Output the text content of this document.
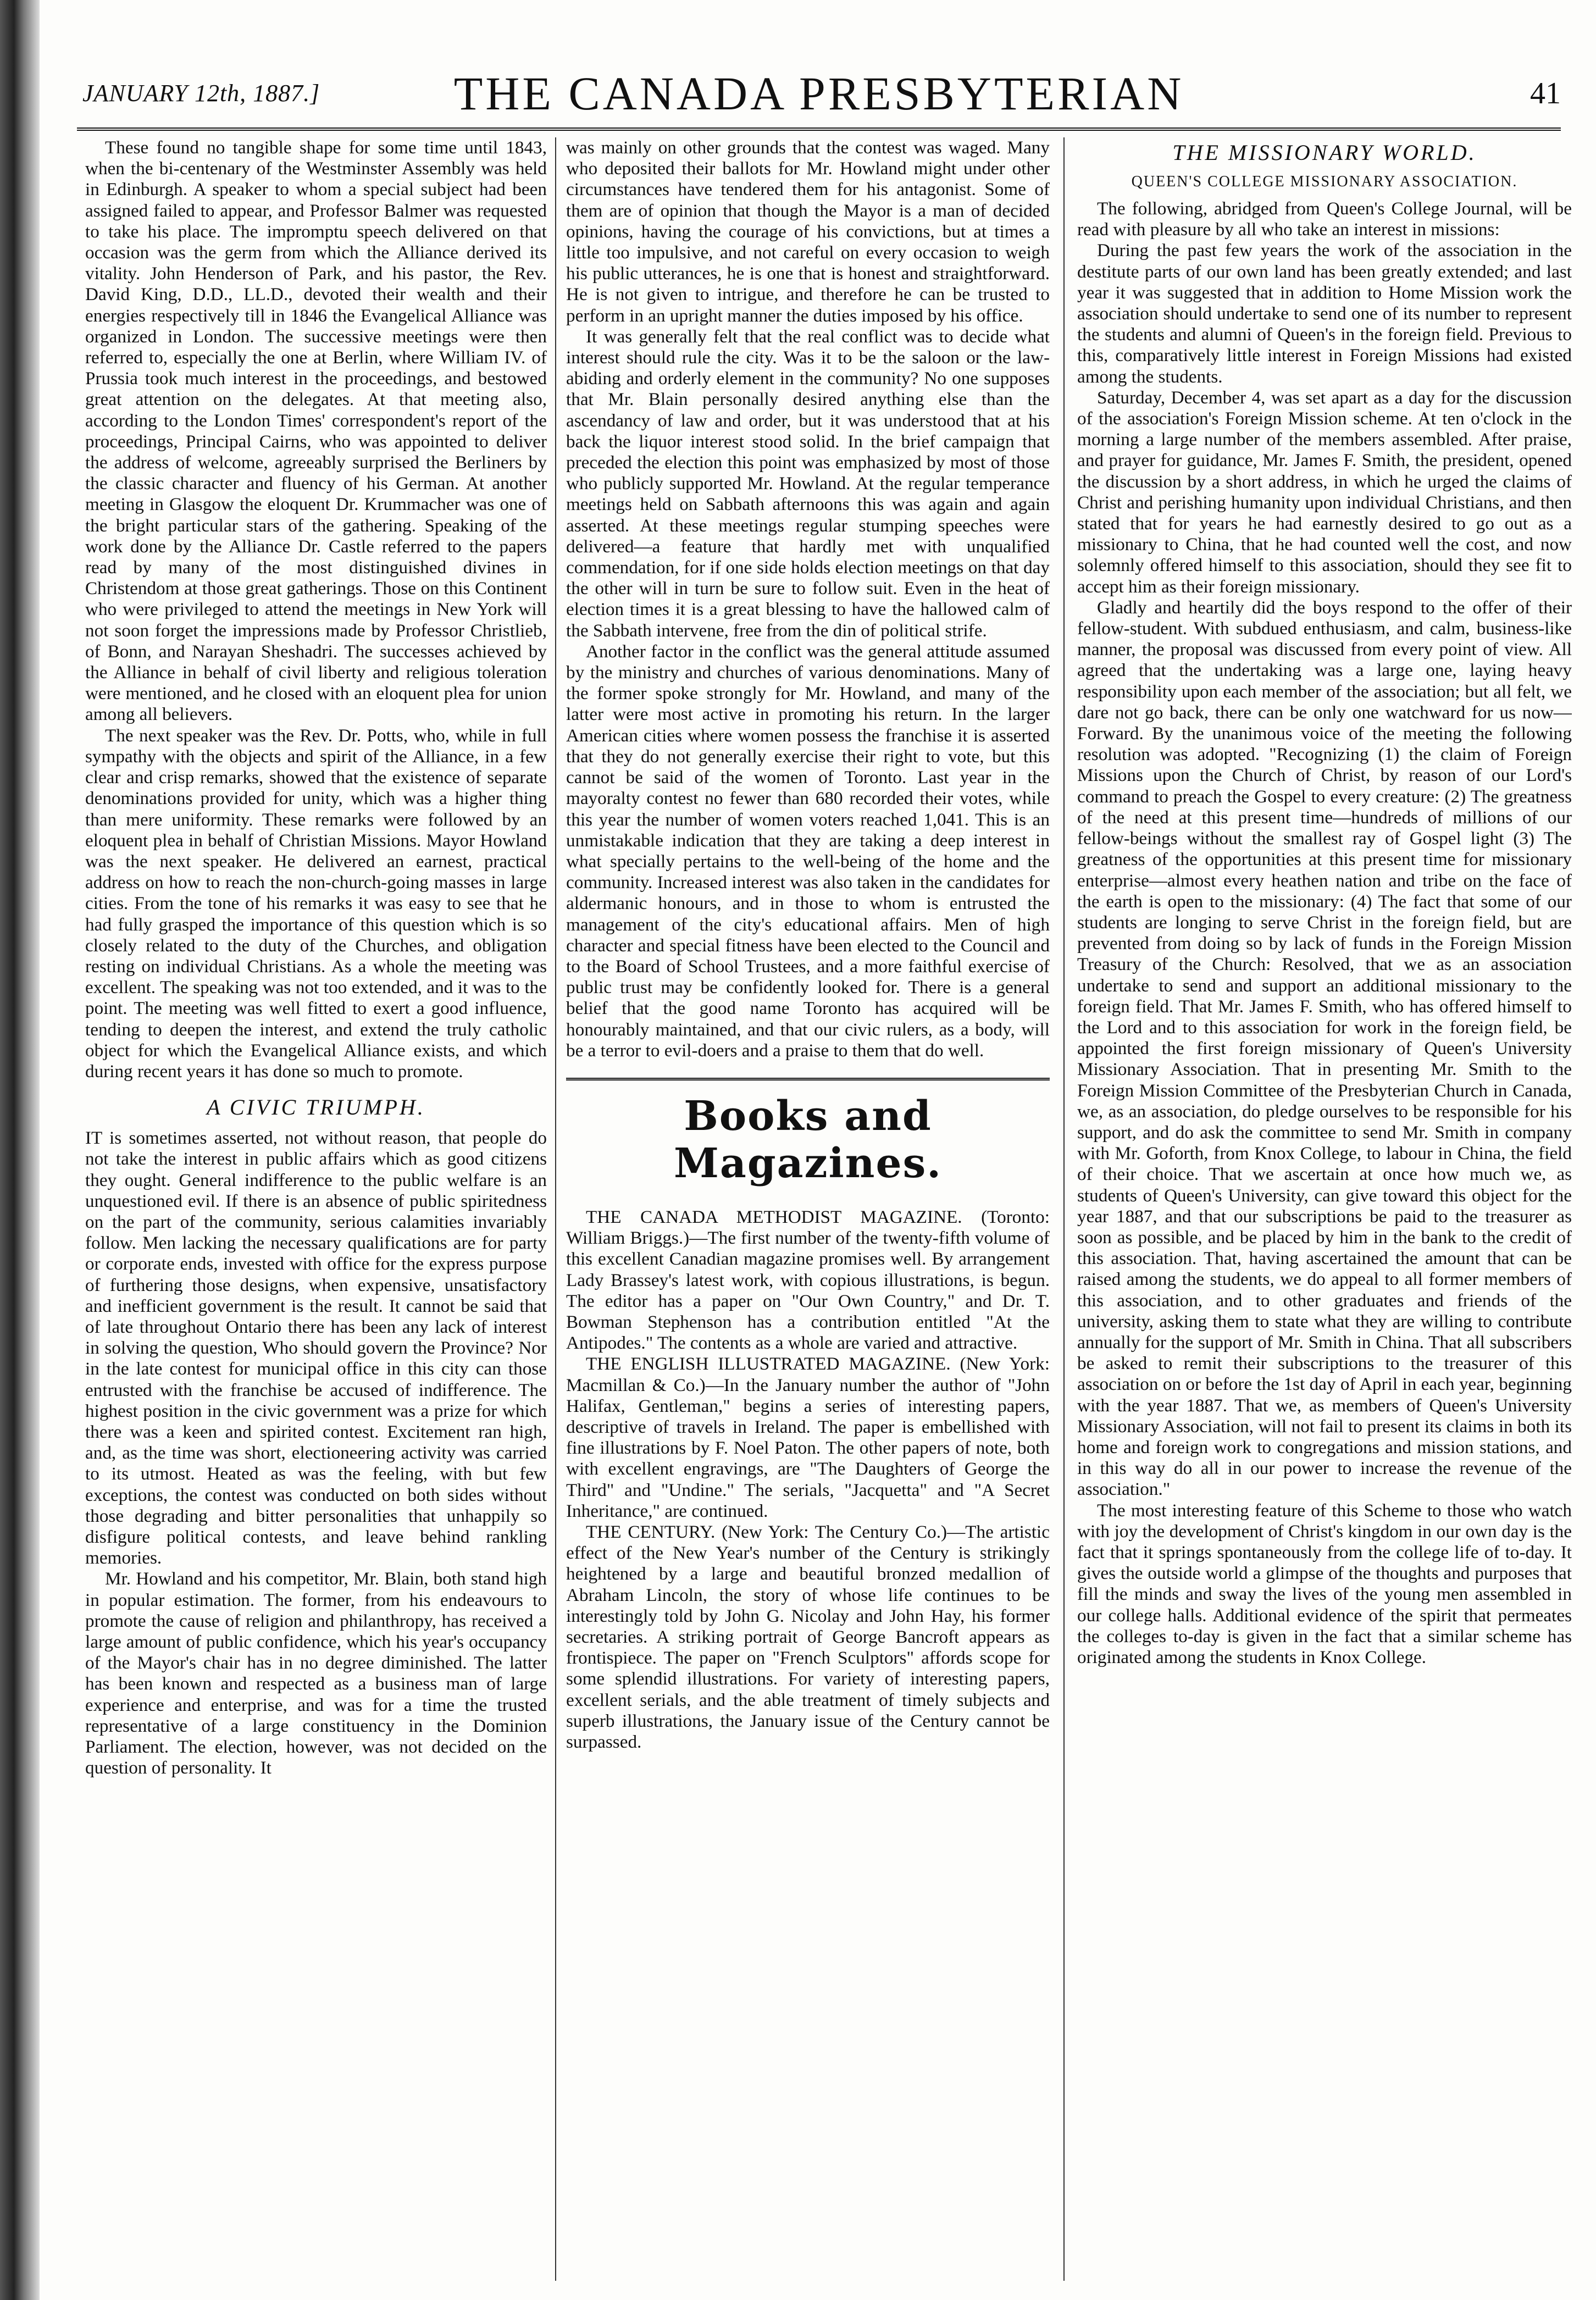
JANUARY 12th, 1887.]	THE CANADA PRESBYTERIAN	41

These found no tangible shape for some time until 1843, when the bi-centenary of the Westminster Assembly was held in Edinburgh. A speaker to whom a special subject had been assigned failed to appear, and Professor Balmer was requested to take his place. The impromptu speech delivered on that occasion was the germ from which the Alliance derived its vitality. John Henderson of Park, and his pastor, the Rev. David King, D.D., LL.D., devoted their wealth and their energies respectively till in 1846 the Evangelical Alliance was organized in London. The successive meetings were then referred to, especially the one at Berlin, where William IV. of Prussia took much interest in the proceedings, and bestowed great attention on the delegates. At that meeting also, according to the London Times' correspondent's report of the proceedings, Principal Cairns, who was appointed to deliver the address of welcome, agreeably surprised the Berliners by the classic character and fluency of his German. At another meeting in Glasgow the eloquent Dr. Krummacher was one of the bright particular stars of the gathering. Speaking of the work done by the Alliance Dr. Castle referred to the papers read by many of the most distinguished divines in Christendom at those great gatherings. Those on this Continent who were privileged to attend the meetings in New York will not soon forget the impressions made by Professor Christlieb, of Bonn, and Narayan Sheshadri. The successes achieved by the Alliance in behalf of civil liberty and religious toleration were mentioned, and he closed with an eloquent plea for union among all believers.

The next speaker was the Rev. Dr. Potts, who, while in full sympathy with the objects and spirit of the Alliance, in a few clear and crisp remarks, showed that the existence of separate denominations provided for unity, which was a higher thing than mere uniformity. These remarks were followed by an eloquent plea in behalf of Christian Missions. Mayor Howland was the next speaker. He delivered an earnest, practical address on how to reach the non-church-going masses in large cities. From the tone of his remarks it was easy to see that he had fully grasped the importance of this question which is so closely related to the duty of the Churches, and obligation resting on individual Christians. As a whole the meeting was excellent. The speaking was not too extended, and it was to the point. The meeting was well fitted to exert a good influence, tending to deepen the interest, and extend the truly catholic object for which the Evangelical Alliance exists, and which during recent years it has done so much to promote.

A CIVIC TRIUMPH.

IT is sometimes asserted, not without reason, that people do not take the interest in public affairs which as good citizens they ought. General indifference to the public welfare is an unquestioned evil. If there is an absence of public spiritedness on the part of the community, serious calamities invariably follow. Men lacking the necessary qualifications are for party or corporate ends, invested with office for the express purpose of furthering those designs, when expensive, unsatisfactory and inefficient government is the result. It cannot be said that of late throughout Ontario there has been any lack of interest in solving the question, Who should govern the Province? Nor in the late contest for municipal office in this city can those entrusted with the franchise be accused of indifference. The highest position in the civic government was a prize for which there was a keen and spirited contest. Excitement ran high, and, as the time was short, electioneering activity was carried to its utmost. Heated as was the feeling, with but few exceptions, the contest was conducted on both sides without those degrading and bitter personalities that unhappily so disfigure political contests, and leave behind rankling memories.

Mr. Howland and his competitor, Mr. Blain, both stand high in popular estimation. The former, from his endeavours to promote the cause of religion and philanthropy, has received a large amount of public confidence, which his year's occupancy of the Mayor's chair has in no degree diminished. The latter has been known and respected as a business man of large experience and enterprise, and was for a time the trusted representative of a large constituency in the Dominion Parliament. The election, however, was not decided on the question of personality. It

was mainly on other grounds that the contest was waged. Many who deposited their ballots for Mr. Howland might under other circumstances have tendered them for his antagonist. Some of them are of opinion that though the Mayor is a man of decided opinions, having the courage of his convictions, but at times a little too impulsive, and not careful on every occasion to weigh his public utterances, he is one that is honest and straightforward. He is not given to intrigue, and therefore he can be trusted to perform in an upright manner the duties imposed by his office.

It was generally felt that the real conflict was to decide what interest should rule the city. Was it to be the saloon or the law-abiding and orderly element in the community? No one supposes that Mr. Blain personally desired anything else than the ascendancy of law and order, but it was understood that at his back the liquor interest stood solid. In the brief campaign that preceded the election this point was emphasized by most of those who publicly supported Mr. Howland. At the regular temperance meetings held on Sabbath afternoons this was again and again asserted. At these meetings regular stumping speeches were delivered—a feature that hardly met with unqualified commendation, for if one side holds election meetings on that day the other will in turn be sure to follow suit. Even in the heat of election times it is a great blessing to have the hallowed calm of the Sabbath intervene, free from the din of political strife.

Another factor in the conflict was the general attitude assumed by the ministry and churches of various denominations. Many of the former spoke strongly for Mr. Howland, and many of the latter were most active in promoting his return. In the larger American cities where women possess the franchise it is asserted that they do not generally exercise their right to vote, but this cannot be said of the women of Toronto. Last year in the mayoralty contest no fewer than 680 recorded their votes, while this year the number of women voters reached 1,041. This is an unmistakable indication that they are taking a deep interest in what specially pertains to the well-being of the home and the community. Increased interest was also taken in the candidates for aldermanic honours, and in those to whom is entrusted the management of the city's educational affairs. Men of high character and special fitness have been elected to the Council and to the Board of School Trustees, and a more faithful exercise of public trust may be confidently looked for. There is a general belief that the good name Toronto has acquired will be honourably maintained, and that our civic rulers, as a body, will be a terror to evil-doers and a praise to them that do well.

Books and Magazines.

THE CANADA METHODIST MAGAZINE. (Toronto: William Briggs.)—The first number of the twenty-fifth volume of this excellent Canadian magazine promises well. By arrangement Lady Brassey's latest work, with copious illustrations, is begun. The editor has a paper on "Our Own Country," and Dr. T. Bowman Stephenson has a contribution entitled "At the Antipodes." The contents as a whole are varied and attractive.

THE ENGLISH ILLUSTRATED MAGAZINE. (New York: Macmillan & Co.)—In the January number the author of "John Halifax, Gentleman," begins a series of interesting papers, descriptive of travels in Ireland. The paper is embellished with fine illustrations by F. Noel Paton. The other papers of note, both with excellent engravings, are "The Daughters of George the Third" and "Undine." The serials, "Jacquetta" and "A Secret Inheritance," are continued.

THE CENTURY. (New York: The Century Co.)—The artistic effect of the New Year's number of the Century is strikingly heightened by a large and beautiful bronzed medallion of Abraham Lincoln, the story of whose life continues to be interestingly told by John G. Nicolay and John Hay, his former secretaries. A striking portrait of George Bancroft appears as frontispiece. The paper on "French Sculptors" affords scope for some splendid illustrations. For variety of interesting papers, excellent serials, and the able treatment of timely subjects and superb illustrations, the January issue of the Century cannot be surpassed.

THE MISSIONARY WORLD.
QUEEN'S COLLEGE MISSIONARY ASSOCIATION.

The following, abridged from Queen's College Journal, will be read with pleasure by all who take an interest in missions:

During the past few years the work of the association in the destitute parts of our own land has been greatly extended; and last year it was suggested that in addition to Home Mission work the association should undertake to send one of its number to represent the students and alumni of Queen's in the foreign field. Previous to this, comparatively little interest in Foreign Missions had existed among the students.

Saturday, December 4, was set apart as a day for the discussion of the association's Foreign Mission scheme. At ten o'clock in the morning a large number of the members assembled. After praise, and prayer for guidance, Mr. James F. Smith, the president, opened the discussion by a short address, in which he urged the claims of Christ and perishing humanity upon individual Christians, and then stated that for years he had earnestly desired to go out as a missionary to China, that he had counted well the cost, and now solemnly offered himself to this association, should they see fit to accept him as their foreign missionary.

Gladly and heartily did the boys respond to the offer of their fellow-student. With subdued enthusiasm, and calm, business-like manner, the proposal was discussed from every point of view. All agreed that the undertaking was a large one, laying heavy responsibility upon each member of the association; but all felt, we dare not go back, there can be only one watchward for us now—Forward. By the unanimous voice of the meeting the following resolution was adopted. "Recognizing (1) the claim of Foreign Missions upon the Church of Christ, by reason of our Lord's command to preach the Gospel to every creature: (2) The greatness of the need at this present time—hundreds of millions of our fellow-beings without the smallest ray of Gospel light (3) The greatness of the opportunities at this present time for missionary enterprise—almost every heathen nation and tribe on the face of the earth is open to the missionary: (4) The fact that some of our students are longing to serve Christ in the foreign field, but are prevented from doing so by lack of funds in the Foreign Mission Treasury of the Church: Resolved, that we as an association undertake to send and support an additional missionary to the foreign field. That Mr. James F. Smith, who has offered himself to the Lord and to this association for work in the foreign field, be appointed the first foreign missionary of Queen's University Missionary Association. That in presenting Mr. Smith to the Foreign Mission Committee of the Presbyterian Church in Canada, we, as an association, do pledge ourselves to be responsible for his support, and do ask the committee to send Mr. Smith in company with Mr. Goforth, from Knox College, to labour in China, the field of their choice. That we ascertain at once how much we, as students of Queen's University, can give toward this object for the year 1887, and that our subscriptions be paid to the treasurer as soon as possible, and be placed by him in the bank to the credit of this association. That, having ascertained the amount that can be raised among the students, we do appeal to all former members of this association, and to other graduates and friends of the university, asking them to state what they are willing to contribute annually for the support of Mr. Smith in China. That all subscribers be asked to remit their subscriptions to the treasurer of this association on or before the 1st day of April in each year, beginning with the year 1887. That we, as members of Queen's University Missionary Association, will not fail to present its claims in both its home and foreign work to congregations and mission stations, and in this way do all in our power to increase the revenue of the association."

The most interesting feature of this Scheme to those who watch with joy the development of Christ's kingdom in our own day is the fact that it springs spontaneously from the college life of to-day. It gives the outside world a glimpse of the thoughts and purposes that fill the minds and sway the lives of the young men assembled in our college halls. Additional evidence of the spirit that permeates the colleges to-day is given in the fact that a similar scheme has originated among the students in Knox College.
